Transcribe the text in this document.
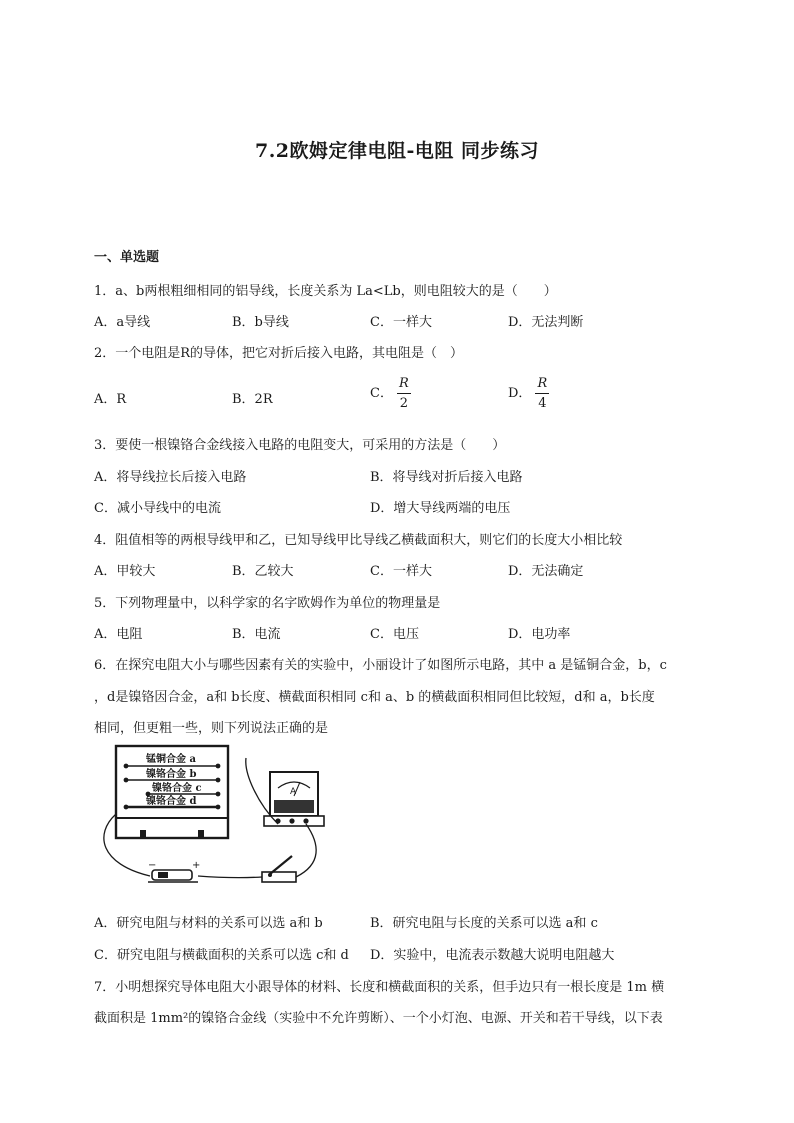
7.2欧姆定律电阻-电阻 同步练习
一、单选题
1．a、b两根粗细相同的铝导线，长度关系为 La<Lb，则电阻较大的是（　　）
A．a导线	B．b导线	C．一样大	D．无法判断
2．一个电阻是R的导体，把它对折后接入电路，其电阻是（　）
A．R	B．2R	C． $\frac{R}{2}$	D． $\frac{R}{4}$
3．要使一根镍铬合金线接入电路的电阻变大，可采用的方法是（　　）
A．将导线拉长后接入电路	B．将导线对折后接入电路
C．减小导线中的电流	D．增大导线两端的电压
4．阻值相等的两根导线甲和乙，已知导线甲比导线乙横截面积大，则它们的长度大小相比较
A．甲较大	B．乙较大	C．一样大	D．无法确定
5．下列物理量中，以科学家的名字欧姆作为单位的物理量是
A．电阻	B．电流	C．电压	D．电功率
6．在探究电阻大小与哪些因素有关的实验中，小丽设计了如图所示电路，其中 a 是锰铜合金，b，c
，d是镍铬因合金，a和 b长度、横截面积相同 c和 a、b 的横截面积相同但比较短，d和 a，b长度
相同，但更粗一些，则下列说法正确的是
锰铜合金 a
镍铬合金 b
镍铬合金 c
镍铬合金 d
A
−	+
A．研究电阻与材料的关系可以选 a和 b	B．研究电阻与长度的关系可以选 a和 c
C．研究电阻与横截面积的关系可以选 c和 d D．实验中，电流表示数越大说明电阻越大
7．小明想探究导体电阻大小跟导体的材料、长度和横截面积的关系，但手边只有一根长度是 1m 横
截面积是 1mm²的镍铬合金线（实验中不允许剪断）、一个小灯泡、电源、开关和若干导线，以下表
